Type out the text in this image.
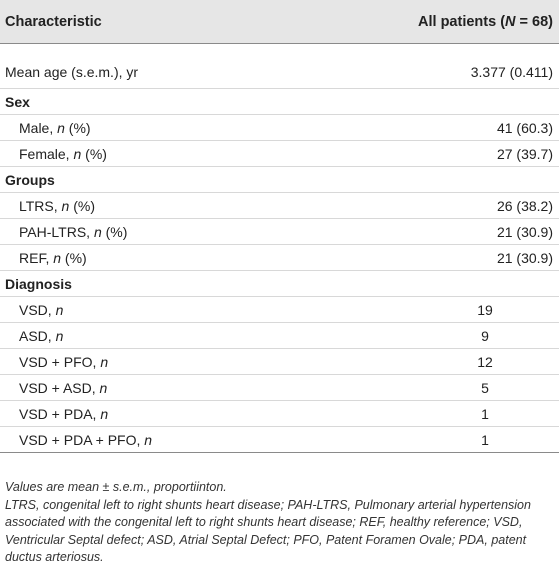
Characteristic	All patients (N = 68)
Mean age (s.e.m.), yr	3.377 (0.411)
Sex
Male, n (%)	41 (60.3)
Female, n (%)	27 (39.7)
Groups
LTRS, n (%)	26 (38.2)
PAH-LTRS, n (%)	21 (30.9)
REF, n (%)	21 (30.9)
Diagnosis
VSD, n	19
ASD, n	9
VSD + PFO, n	12
VSD + ASD, n	5
VSD + PDA, n	1
VSD + PDA + PFO, n	1

Values are mean ± s.e.m., proportiinton.

LTRS, congenital left to right shunts heart disease; PAH-LTRS, Pulmonary arterial hypertension associated with the congenital left to right shunts heart disease; REF, healthy reference; VSD, Ventricular Septal defect; ASD, Atrial Septal Defect; PFO, Patent Foramen Ovale; PDA, patent ductus arteriosus.
